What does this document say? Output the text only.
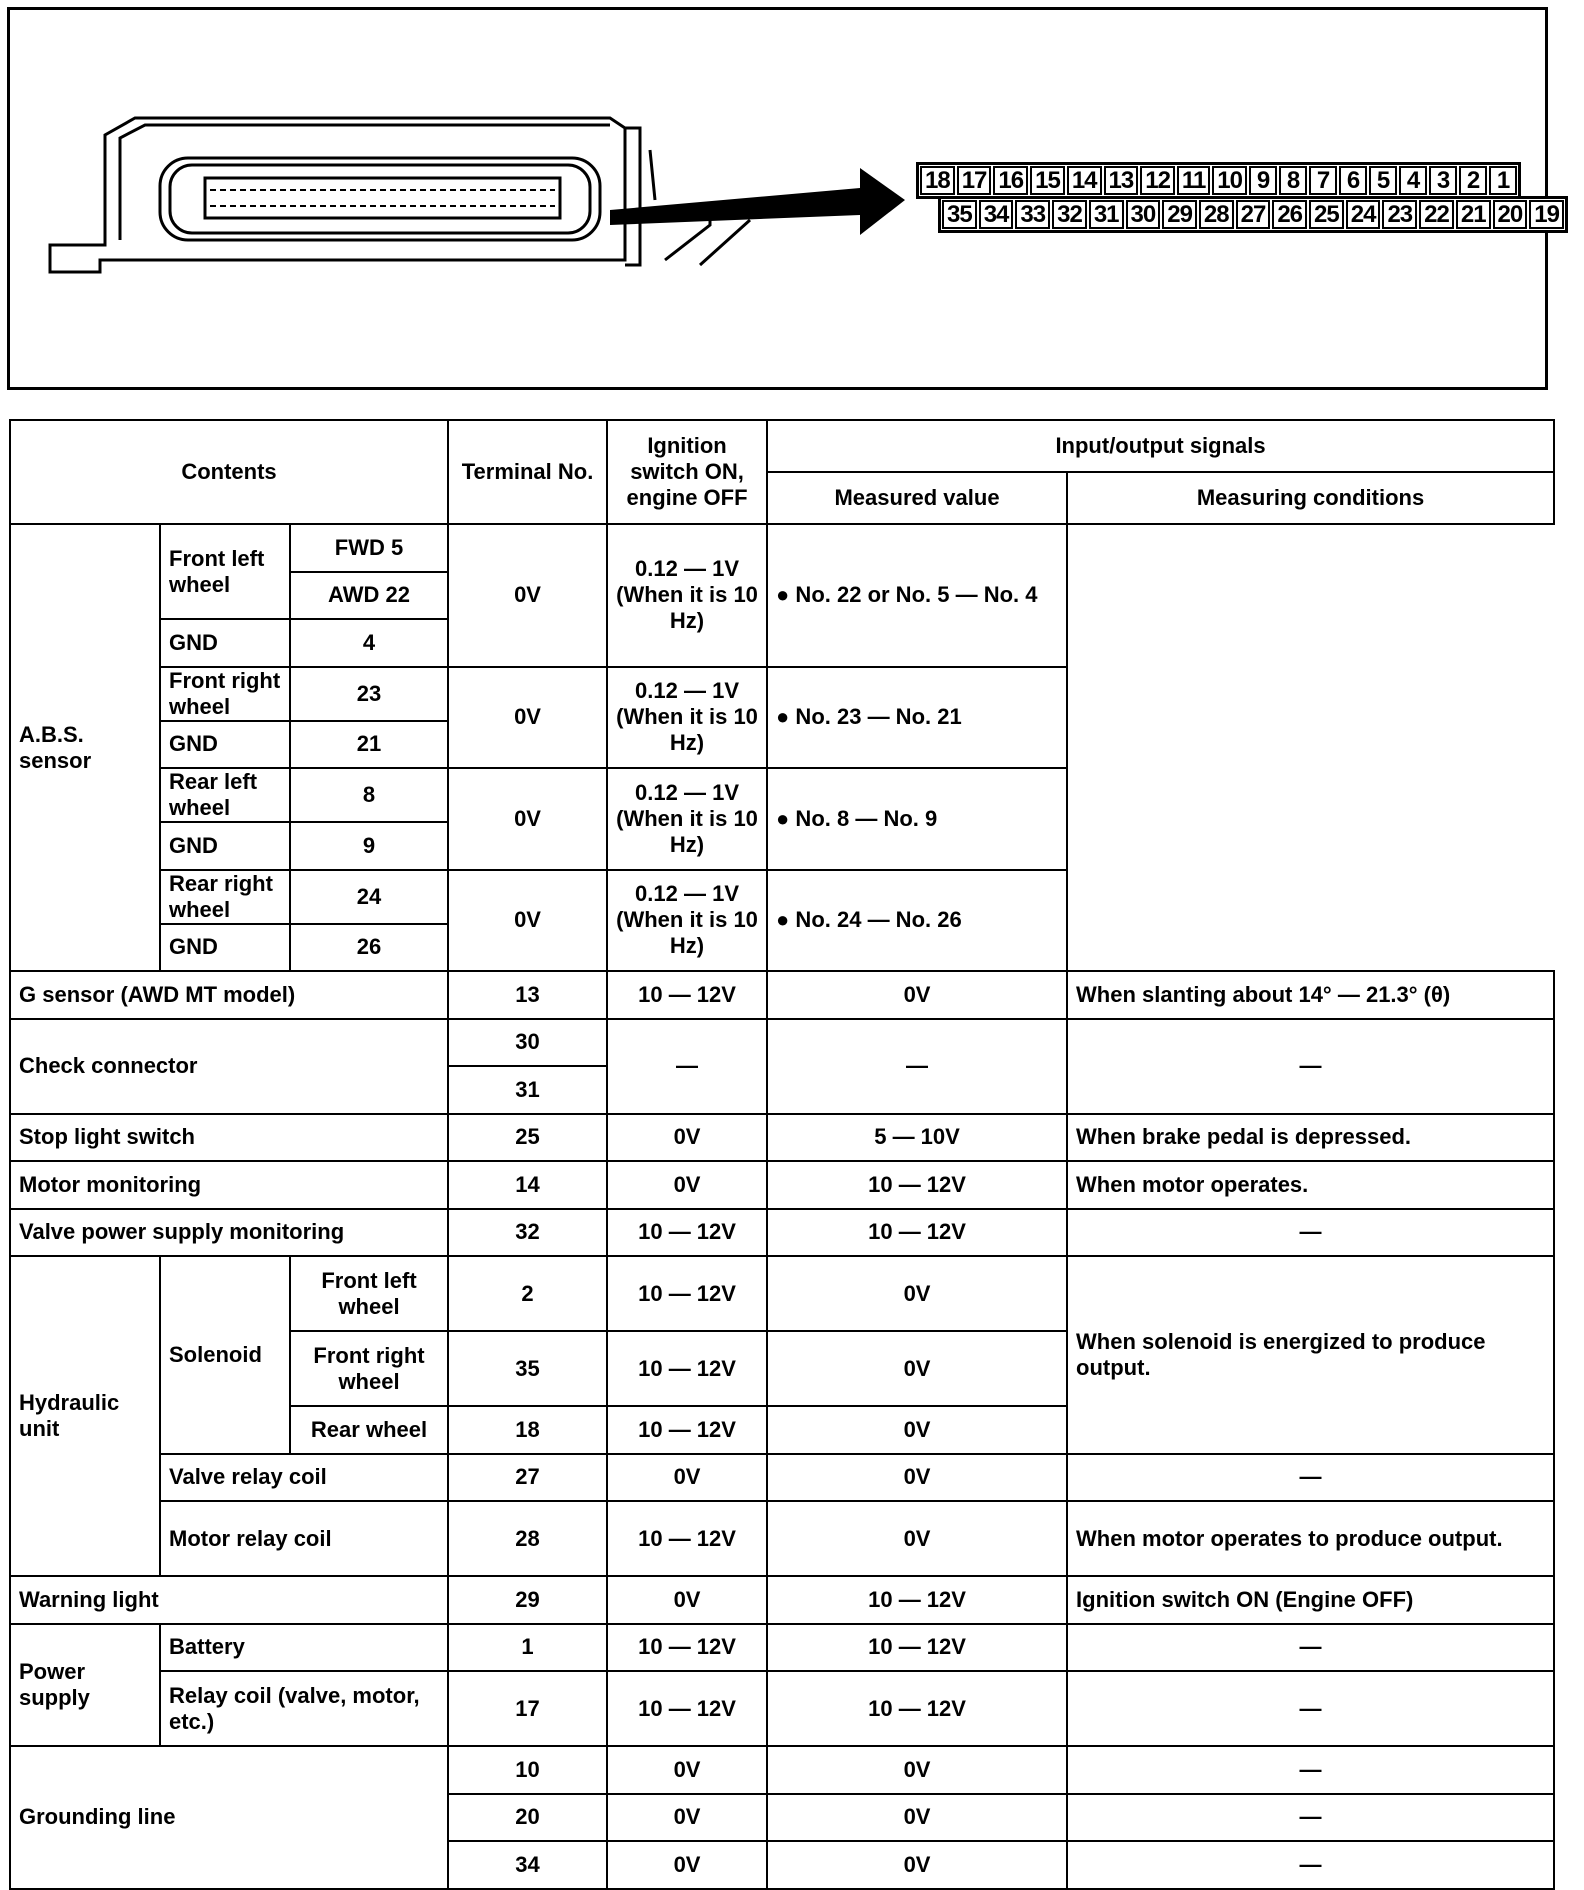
18 17 16 15 14 13 12 11 10 9 8 7 6 5 4 3 2 1
35 34 33 32 31 30 29 28 27 26 25 24 23 22 21 20 19
Contents			Terminal No.	Ignition switch ON, engine OFF	Input/output signals	
					Measured value	Measuring conditions
A.B.S. sensor	Front left wheel	FWD 5	0V	0.12 — 1V (When it is 10 Hz)	● No. 22 or No. 5 — No. 4	
		AWD 22				
	GND	4				
	Front right wheel	23	0V	0.12 — 1V (When it is 10 Hz)	● No. 23 — No. 21	
	GND	21				
	Rear left wheel	8	0V	0.12 — 1V (When it is 10 Hz)	● No. 8 — No. 9	
	GND	9				
	Rear right wheel	24	0V	0.12 — 1V (When it is 10 Hz)	● No. 24 — No. 26	
	GND	26				
G sensor (AWD MT model)			13	10 — 12V	0V	When slanting about 14° — 21.3° (θ)
Check connector			30	—	—	—
			31			
Stop light switch			25	0V	5 — 10V	When brake pedal is depressed.
Motor monitoring			14	0V	10 — 12V	When motor operates.
Valve power supply monitoring			32	10 — 12V	10 — 12V	—
Hydraulic unit	Solenoid	Front left wheel	2	10 — 12V	0V	When solenoid is energized to produce output.
		Front right wheel	35	10 — 12V	0V	
		Rear wheel	18	10 — 12V	0V	
	Valve relay coil		27	0V	0V	—
	Motor relay coil		28	10 — 12V	0V	When motor operates to produce output.
Warning light			29	0V	10 — 12V	Ignition switch ON (Engine OFF)
Power supply	Battery		1	10 — 12V	10 — 12V	—
	Relay coil (valve, motor, etc.)		17	10 — 12V	10 — 12V	—
Grounding line			10	0V	0V	—
			20	0V	0V	—
			34	0V	0V	—
